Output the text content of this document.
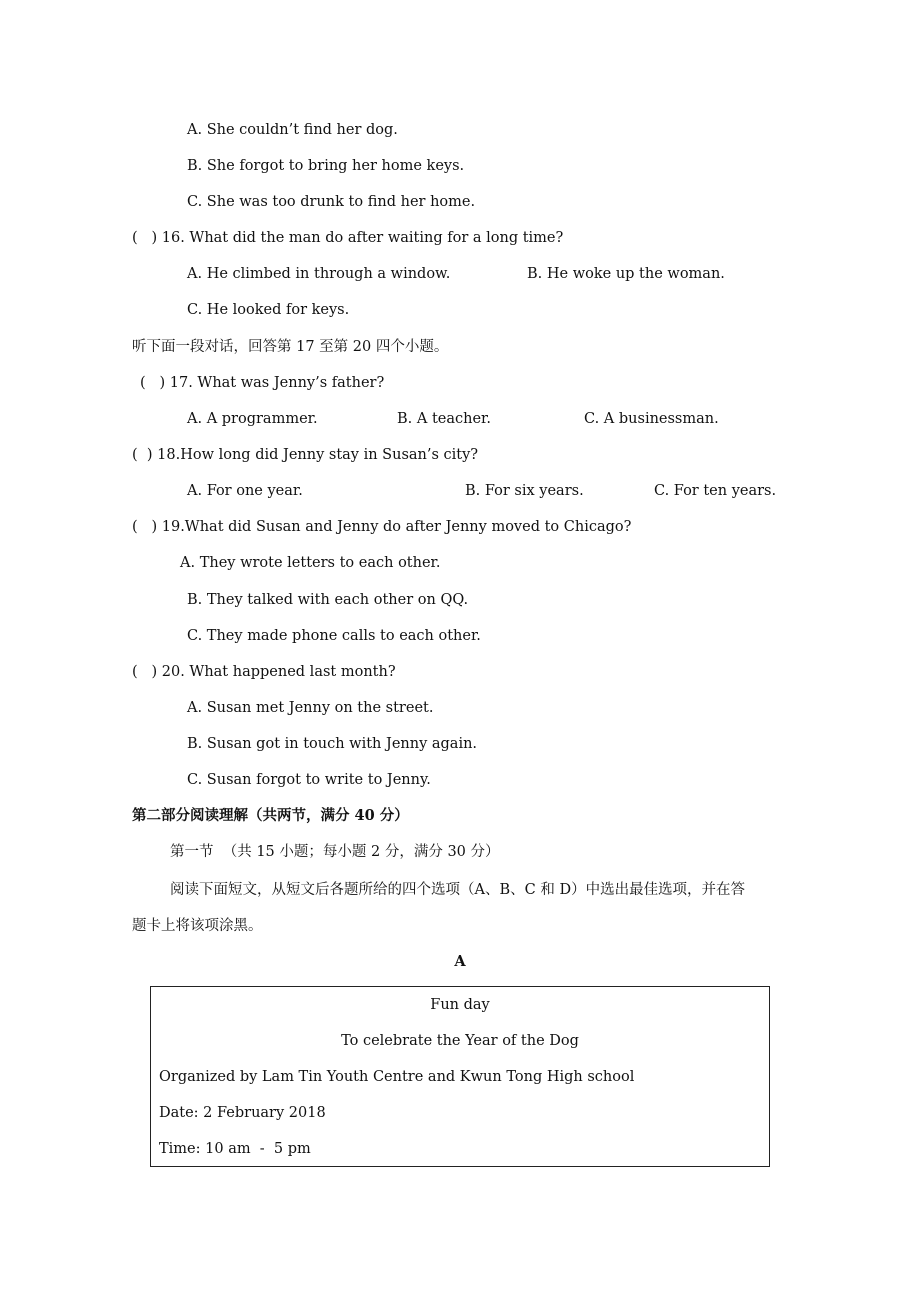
A. She couldn’t find her dog.
B. She forgot to bring her home keys.
C. She was too drunk to find her home.
(   ) 16. What did the man do after waiting for a long time?
A. He climbed in through a window.	B. He woke up the woman.
C. He looked for keys.
听下面一段对话，回答第 17 至第 20 四个小题。
(   ) 17. What was Jenny’s father?
A. A programmer.	B. A teacher.	C. A businessman.
(  ) 18.How long did Jenny stay in Susan’s city?
A. For one year.	B. For six years.	C. For ten years.
(   ) 19.What did Susan and Jenny do after Jenny moved to Chicago?
A. They wrote letters to each other.
B. They talked with each other on QQ.
C. They made phone calls to each other.
(   ) 20. What happened last month?
A. Susan met Jenny on the street.
B. Susan got in touch with Jenny again.
C. Susan forgot to write to Jenny.
第二部分阅读理解（共两节，满分 40 分）
第一节  （共 15 小题；每小题 2 分，满分 30 分）
阅读下面短文，从短文后各题所给的四个选项（A、B、C 和 D）中选出最佳选项，并在答
题卡上将该项涂黑。
A
Fun day
To celebrate the Year of the Dog
Organized by Lam Tin Youth Centre and Kwun Tong High school
Date: 2 February 2018
Time: 10 am  -  5 pm
